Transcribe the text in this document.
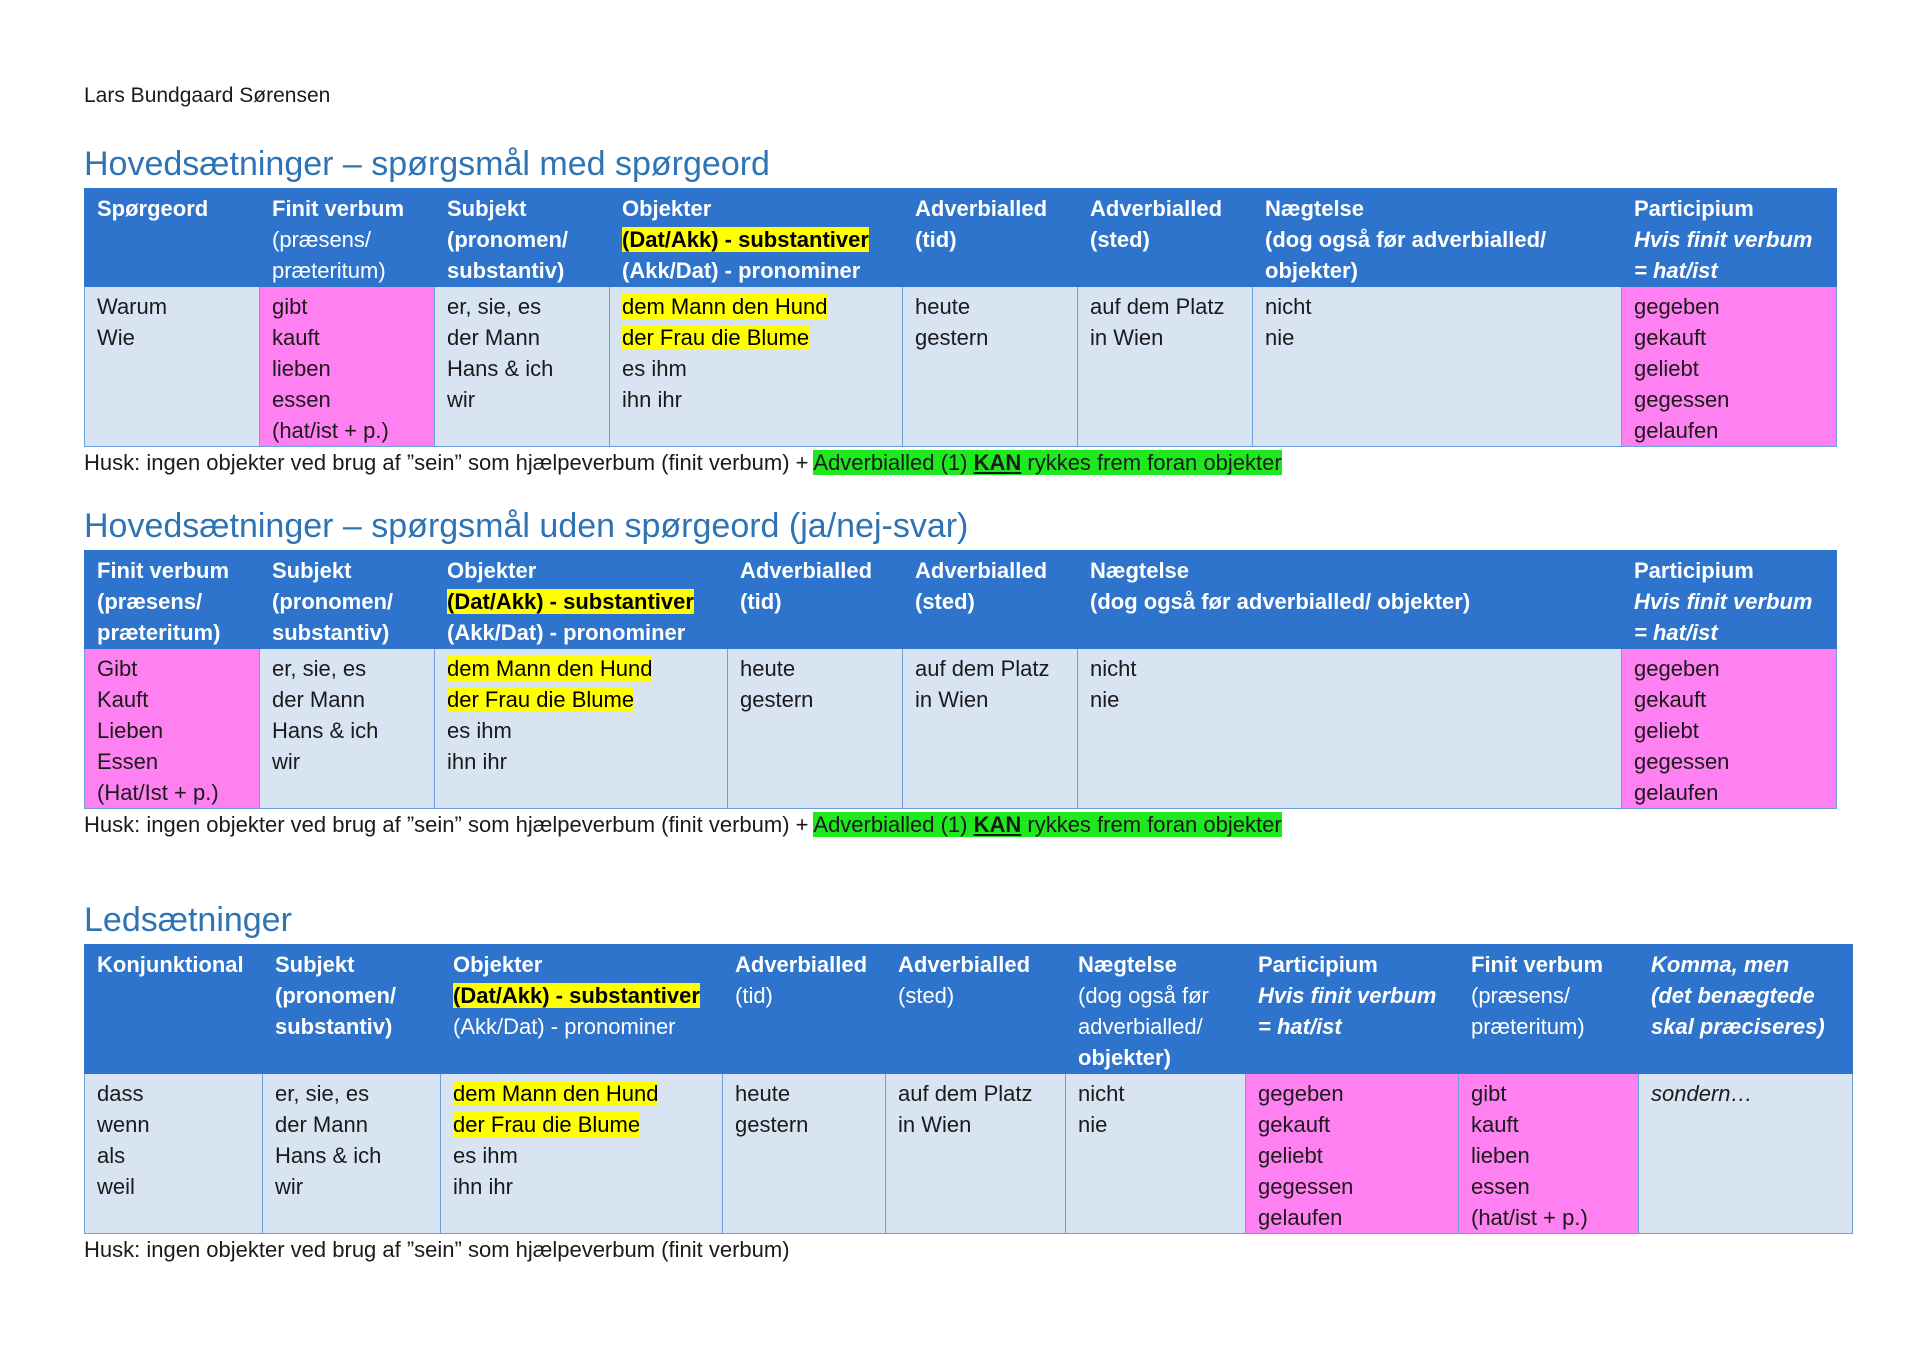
Lars Bundgaard Sørensen
Hovedsætninger – spørgsmål med spørgeord
Spørgeord	Finit verbum
(præsens/
præteritum)	Subjekt
(pronomen/
substantiv)	Objekter
(Dat/Akk) - substantiver
(Akk/Dat) - pronominer	Adverbialled
(tid)	Adverbialled
(sted)	Nægtelse
(dog også før adverbialled/
objekter)	Participium
Hvis finit verbum
= hat/ist

Warum
Wie	gibt
kauft
lieben
essen
(hat/ist + p.)	er, sie, es
der Mann
Hans & ich
wir	dem Mann den Hund
der Frau die Blume
es ihm
ihn ihr	heute
gestern	auf dem Platz
in Wien	nicht
nie	gegeben
gekauft
geliebt
gegessen
gelaufen
Husk: ingen objekter ved brug af ”sein” som hjælpeverbum (finit verbum) + Adverbialled (1) KAN rykkes frem foran objekter
Hovedsætninger – spørgsmål uden spørgeord (ja/nej-svar)
Finit verbum
(præsens/
præteritum)	Subjekt
(pronomen/
substantiv)	Objekter
(Dat/Akk) - substantiver
(Akk/Dat) - pronominer	Adverbialled
(tid)	Adverbialled
(sted)	Nægtelse
(dog også før adverbialled/ objekter)	Participium
Hvis finit verbum
= hat/ist

Gibt
Kauft
Lieben
Essen
(Hat/Ist + p.)	er, sie, es
der Mann
Hans & ich
wir	dem Mann den Hund
der Frau die Blume
es ihm
ihn ihr	heute
gestern	auf dem Platz
in Wien	nicht
nie	gegeben
gekauft
geliebt
gegessen
gelaufen
Husk: ingen objekter ved brug af ”sein” som hjælpeverbum (finit verbum) + Adverbialled (1) KAN rykkes frem foran objekter
Ledsætninger
Konjunktional	Subjekt
(pronomen/
substantiv)	Objekter
(Dat/Akk) - substantiver
(Akk/Dat) - pronominer	Adverbialled
(tid)	Adverbialled
(sted)	Nægtelse
(dog også før
adverbialled/
objekter)	Participium
Hvis finit verbum
= hat/ist	Finit verbum
(præsens/
præteritum)	Komma, men
(det benægtede
skal præciseres)

dass
wenn
als
weil	er, sie, es
der Mann
Hans & ich
wir	dem Mann den Hund
der Frau die Blume
es ihm
ihn ihr	heute
gestern	auf dem Platz
in Wien	nicht
nie	gegeben
gekauft
geliebt
gegessen
gelaufen	gibt
kauft
lieben
essen
(hat/ist + p.)	sondern…
Husk: ingen objekter ved brug af ”sein” som hjælpeverbum (finit verbum)
